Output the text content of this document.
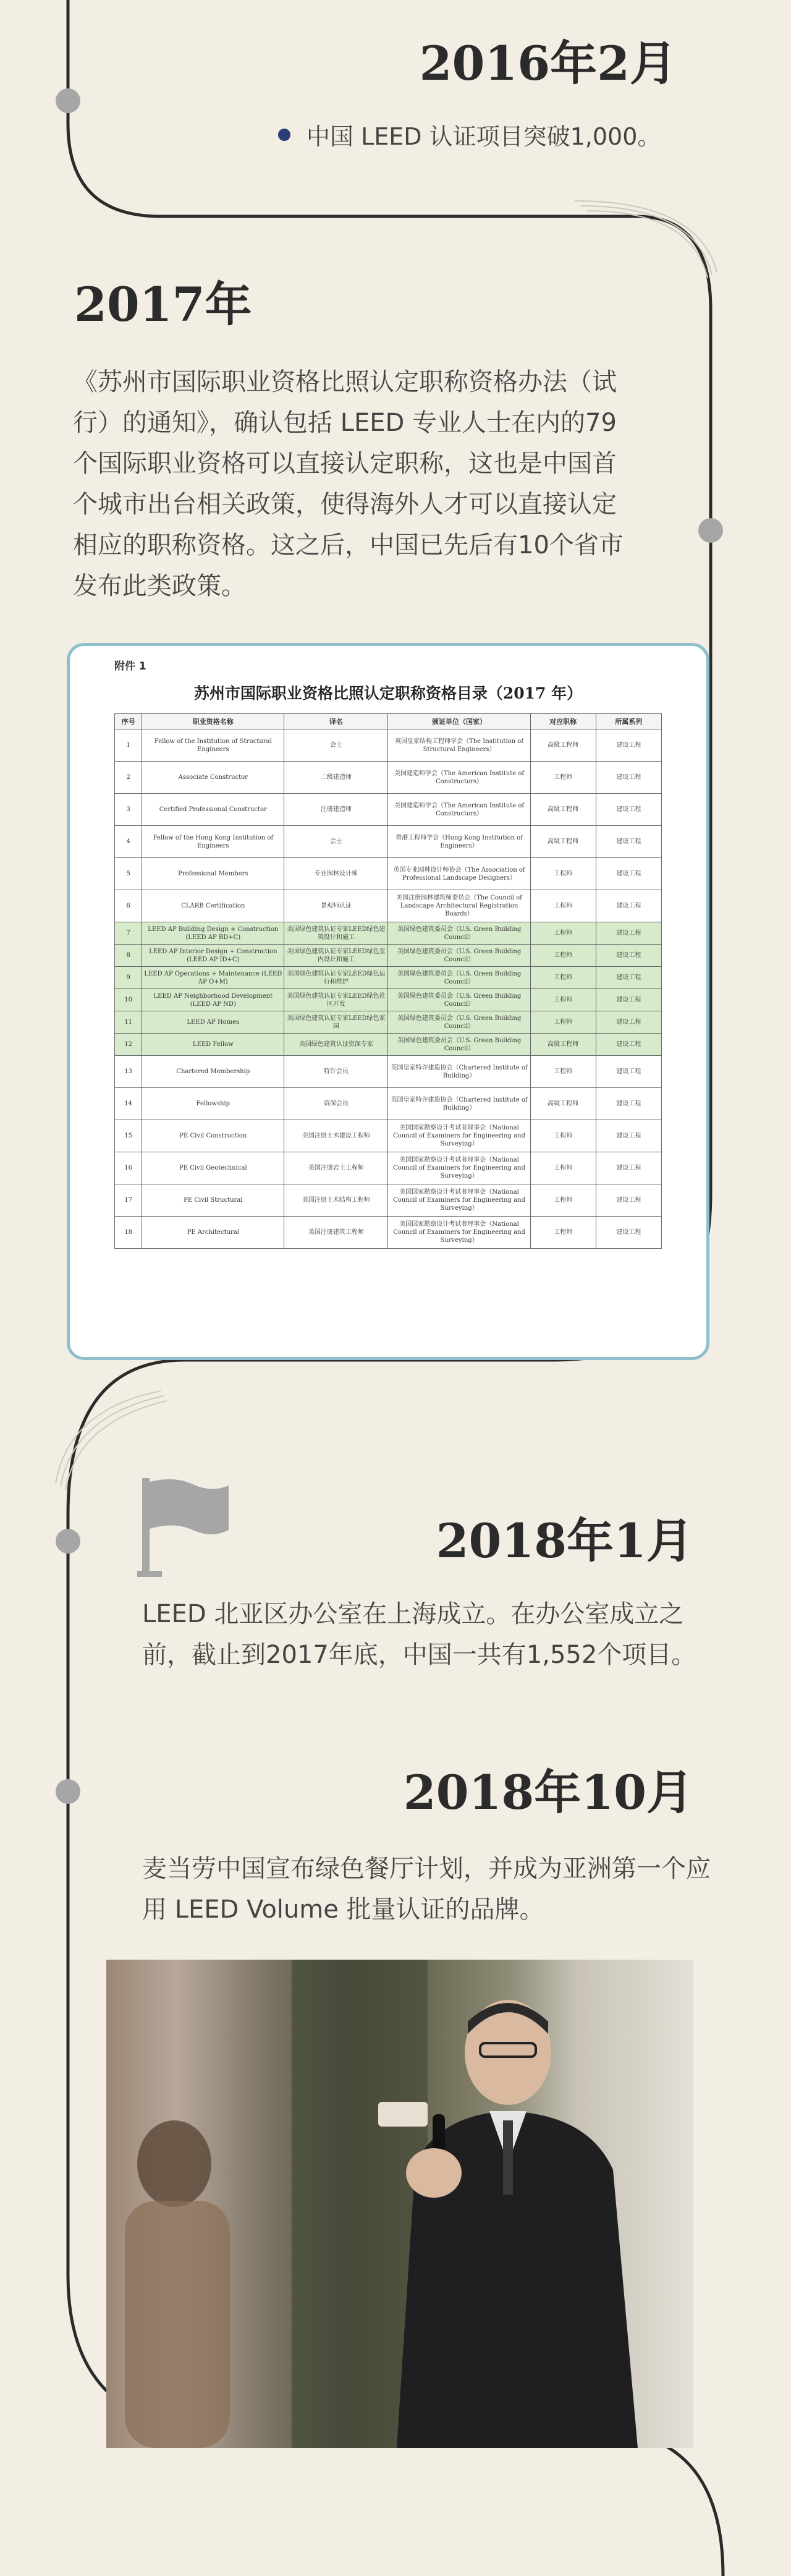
2016年2月
中国 LEED 认证项目突破1,000。
2017年
《苏州市国际职业资格比照认定职称资格办法（试行）的通知》，确认包括 LEED 专业人士在内的79个国际职业资格可以直接认定职称，这也是中国首个城市出台相关政策，使得海外人才可以直接认定相应的职称资格。这之后，中国已先后有10个省市发布此类政策。
附件 1
苏州市国际职业资格比照认定职称资格目录（2017 年）
序号	职业资格名称	译名	颁证单位（国家）	对应职称	所属系列
1	Fellow of the Institution of Structural Engineers	会士	英国皇家结构工程师学会（The Institution of Structural Engineers）	高级工程师	建设工程
2	Associate Constructor	二级建造师	美国建造师学会（The American Institute of Constructors）	工程师	建设工程
3	Certified Professional Constructor	注册建造师	美国建造师学会（The American Institute of Constructors）	高级工程师	建设工程
4	Fellow of the Hong Kong Institution of Engineers	会士	香港工程师学会（Hong Kong Institution of Engineers）	高级工程师	建设工程
5	Professional Members	专业园林设计师	英国专业园林设计师协会（The Association of Professional Landscape Designers）	工程师	建设工程
6	CLARB Certification	景观师认证	美国注册园林建筑师委员会（The Council of Landscape Architectural Registration Boards）	工程师	建设工程
7	LEED AP Building Design + Construction (LEED AP BD+C)	美国绿色建筑认证专家LEED绿色建筑设计和施工	美国绿色建筑委员会（U.S. Green Building Council）	工程师	建设工程
8	LEED AP Interior Design + Construction (LEED AP ID+C)	美国绿色建筑认证专家LEED绿色室内设计和施工	美国绿色建筑委员会（U.S. Green Building Council）	工程师	建设工程
9	LEED AP Operations + Maintenance (LEED AP O+M)	美国绿色建筑认证专家LEED绿色运行和维护	美国绿色建筑委员会（U.S. Green Building Council）	工程师	建设工程
10	LEED AP Neighborhood Development (LEED AP ND)	美国绿色建筑认证专家LEED绿色社区开发	美国绿色建筑委员会（U.S. Green Building Council）	工程师	建设工程
11	LEED AP Homes	美国绿色建筑认证专家LEED绿色家园	美国绿色建筑委员会（U.S. Green Building Council）	工程师	建设工程
12	LEED Fellow	美国绿色建筑认证资深专家	美国绿色建筑委员会（U.S. Green Building Council）	高级工程师	建设工程
13	Chartered Membership	特许会员	英国皇家特许建造协会（Chartered Institute of Building）	工程师	建设工程
14	Fellowship	资深会员	英国皇家特许建造协会（Chartered Institute of Building）	高级工程师	建设工程
15	PE Civil Construction	美国注册土木建设工程师	美国国家勘察设计考试者理事会（National Council of Examiners for Engineering and Surveying）	工程师	建设工程
16	PE Civil Geotechnical	美国注册岩土工程师	美国国家勘察设计考试者理事会（National Council of Examiners for Engineering and Surveying）	工程师	建设工程
17	PE Civil Structural	美国注册土木结构工程师	美国国家勘察设计考试者理事会（National Council of Examiners for Engineering and Surveying）	工程师	建设工程
18	PE Architectural	美国注册建筑工程师	美国国家勘察设计考试者理事会（National Council of Examiners for Engineering and Surveying）	工程师	建设工程
2018年1月
LEED 北亚区办公室在上海成立。在办公室成立之前，截止到2017年底，中国一共有1,552个项目。
2018年10月
麦当劳中国宣布绿色餐厅计划，并成为亚洲第一个应用 LEED Volume 批量认证的品牌。
